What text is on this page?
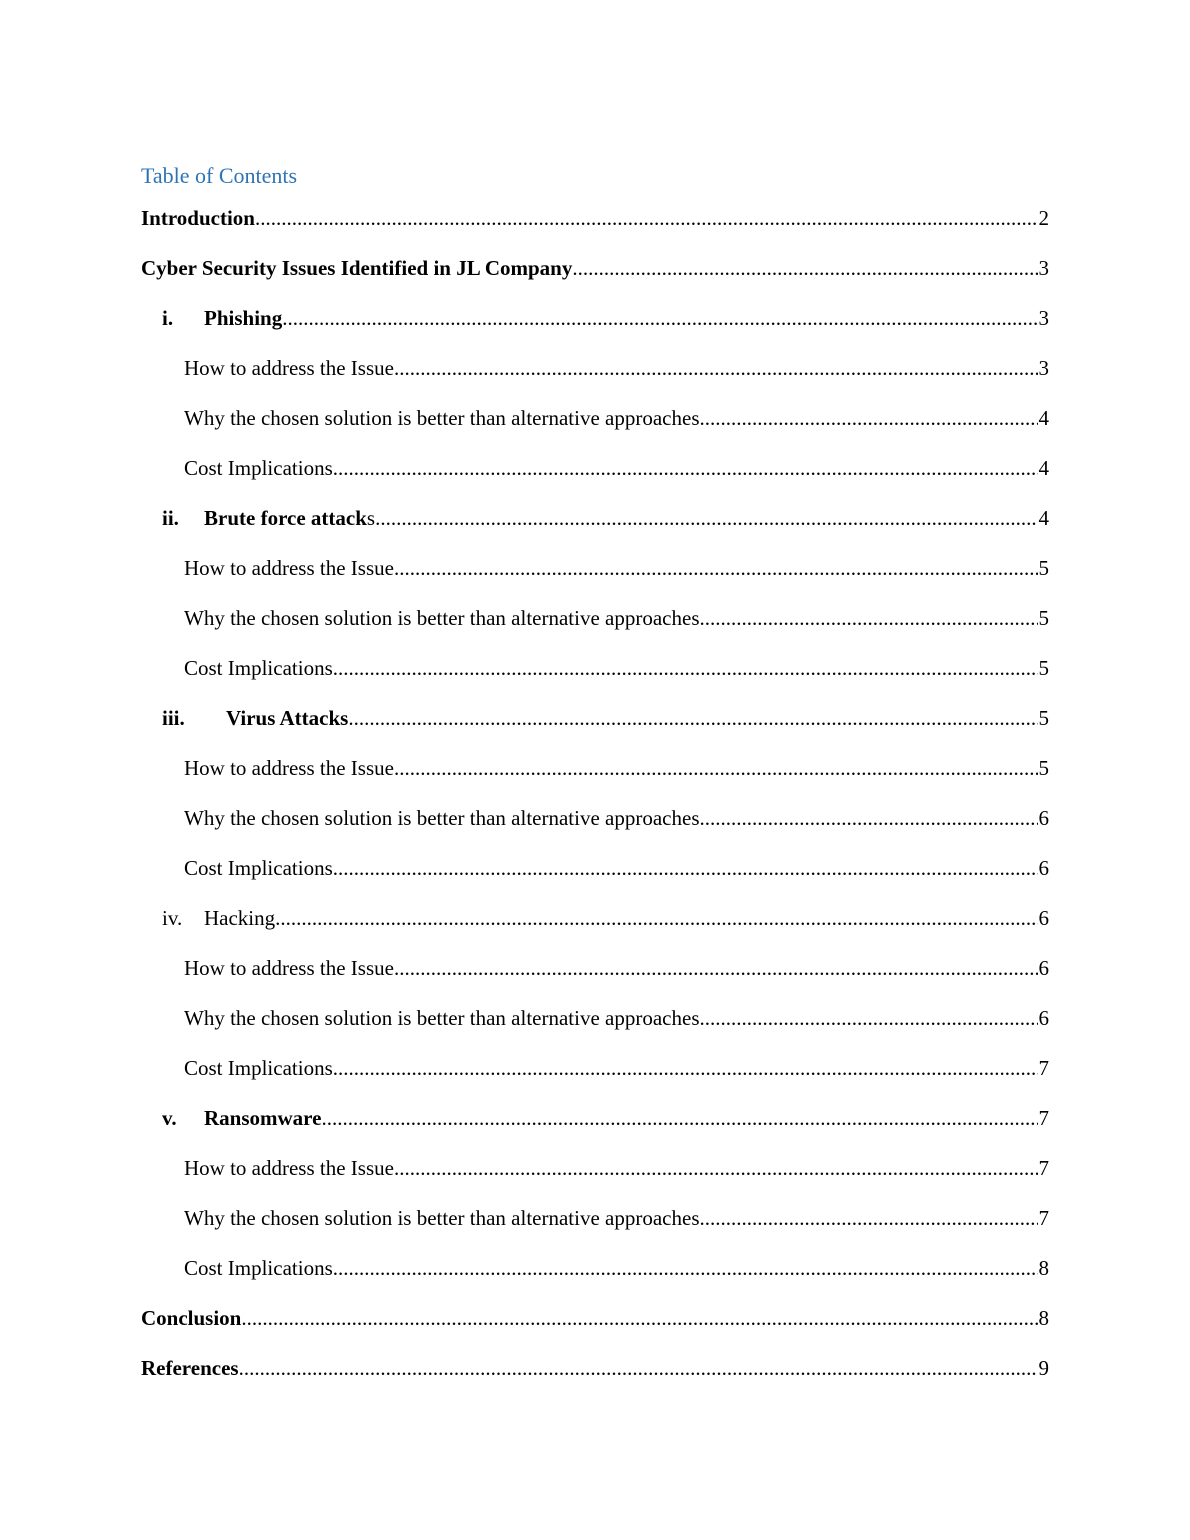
Table of Contents
Introduction .....	2
Cyber Security Issues Identified in JL Company .....	3
i.	Phishing .....	3
How to address the Issue .....	3
Why the chosen solution is better than alternative approaches .....	4
Cost Implications .....	4
ii.	Brute force attack s .....	4
How to address the Issue .....	5
Why the chosen solution is better than alternative approaches .....	5
Cost Implications .....	5
iii.	Virus Attacks .....	5
How to address the Issue .....	5
Why the chosen solution is better than alternative approaches .....	6
Cost Implications .....	6
iv.	Hacking .....	6
How to address the Issue .....	6
Why the chosen solution is better than alternative approaches .....	6
Cost Implications .....	7
v.	Ransomware .....	7
How to address the Issue .....	7
Why the chosen solution is better than alternative approaches .....	7
Cost Implications .....	8
Conclusion .....	8
References .....	9
